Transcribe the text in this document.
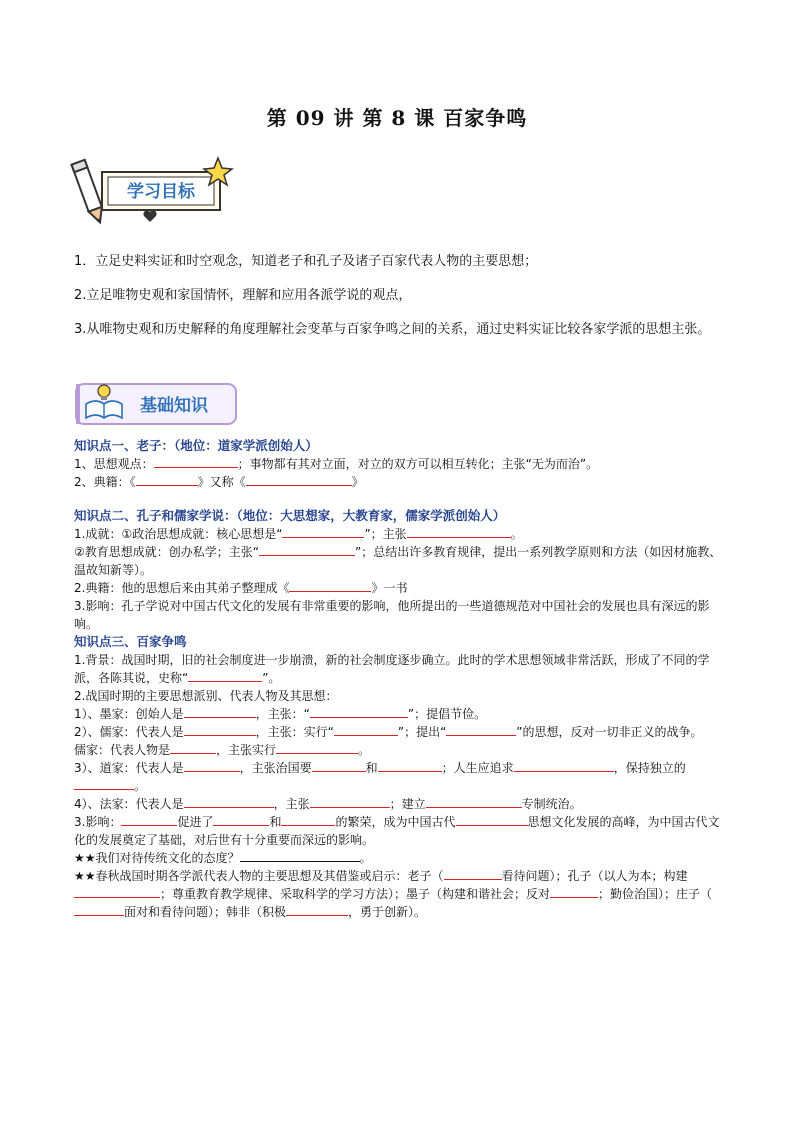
第 09 讲 第 8 课 百家争鸣
学习目标

1．立足史料实证和时空观念，知道老子和孔子及诸子百家代表人物的主要思想；

2.立足唯物史观和家国情怀，理解和应用各派学说的观点，

3.从唯物史观和历史解释的角度理解社会变革与百家争鸣之间的关系，通过史料实证比较各家学派的思想主张。

基础知识

知识点一、老子：（地位：道家学派创始人）

1、思想观点：	；事物都有其对立面，对立的双方可以相互转化；主张“无为而治”。

2、典籍：《	》又称《	》

知识点二、孔子和儒家学说：（地位：大思想家，大教育家，儒家学派创始人）

1.成就：①政治思想成就：核心思想是“	”；主张	。

②教育思想成就：创办私学；主张“	”；总结出许多教育规律，提出一系列教学原则和方法（如因材施教、温故知新等）。

2.典籍：他的思想后来由其弟子整理成《	》一书

3.影响：孔子学说对中国古代文化的发展有非常重要的影响，他所提出的一些道德规范对中国社会的发展也具有深远的影响。

知识点三、百家争鸣

1.背景：战国时期，旧的社会制度进一步崩溃，新的社会制度逐步确立。此时的学术思想领域非常活跃，形成了不同的学派，各陈其说，史称“	”。

2.战国时期的主要思想派别、代表人物及其思想：

1）、墨家：创始人是	，主张：“	”；提倡节俭。

2）、儒家：代表人是	，主张：实行“	”；提出“	”的思想，反对一切非正义的战争。

儒家：代表人物是	，主张实行	。

3）、道家：代表人是	，主张治国要	和	；人生应追求	，保持独立的。

4）、法家：代表人是	，主张	；建立	专制统治。

3.影响：	促进了	和	的繁荣，成为中国古代	思想文化发展的高峰，为中国古代文化的发展奠定了基础，对后世有十分重要而深远的影响。

★★我们对待传统文化的态度？	。

★★春秋战国时期各学派代表人物的主要思想及其借鉴或启示：老子（	看待问题）；孔子（以人为本；构建；尊重教育教学规律、采取科学的学习方法）；墨子（构建和谐社会；反对	；勤俭治国）；庄子（面对和看待问题）；韩非（积极	，勇于创新）。
